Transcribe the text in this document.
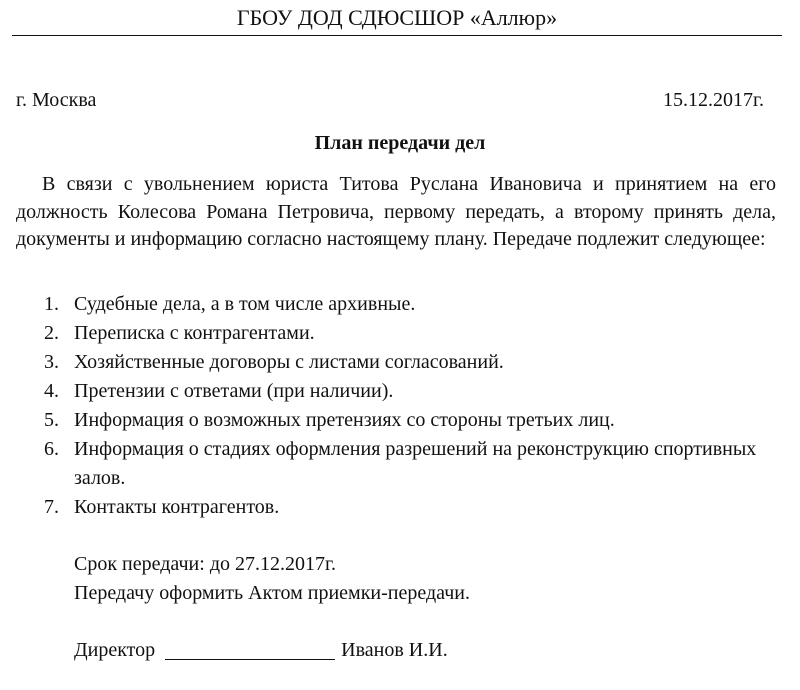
ГБОУ ДОД СДЮСШОР «Аллюр»
г. Москва	15.12.2017г.
План передачи дел

В связи с увольнением юриста Титова Руслана Ивановича и принятием на его должность Колесова Романа Петровича, первому передать, а второму принять дела, документы и информацию согласно настоящему плану. Передаче подлежит следующее:

1. Судебные дела, а в том числе архивные.
2. Переписка с контрагентами.
3. Хозяйственные договоры с листами согласований.
4. Претензии с ответами (при наличии).
5. Информация о возможных претензиях со стороны третьих лиц.
6. Информация о стадиях оформления разрешений на реконструкцию спортивных залов.
7. Контакты контрагентов.
Срок передачи: до 27.12.2017г.
Передачу оформить Актом приемки-передачи.
Директор	Иванов И.И.
